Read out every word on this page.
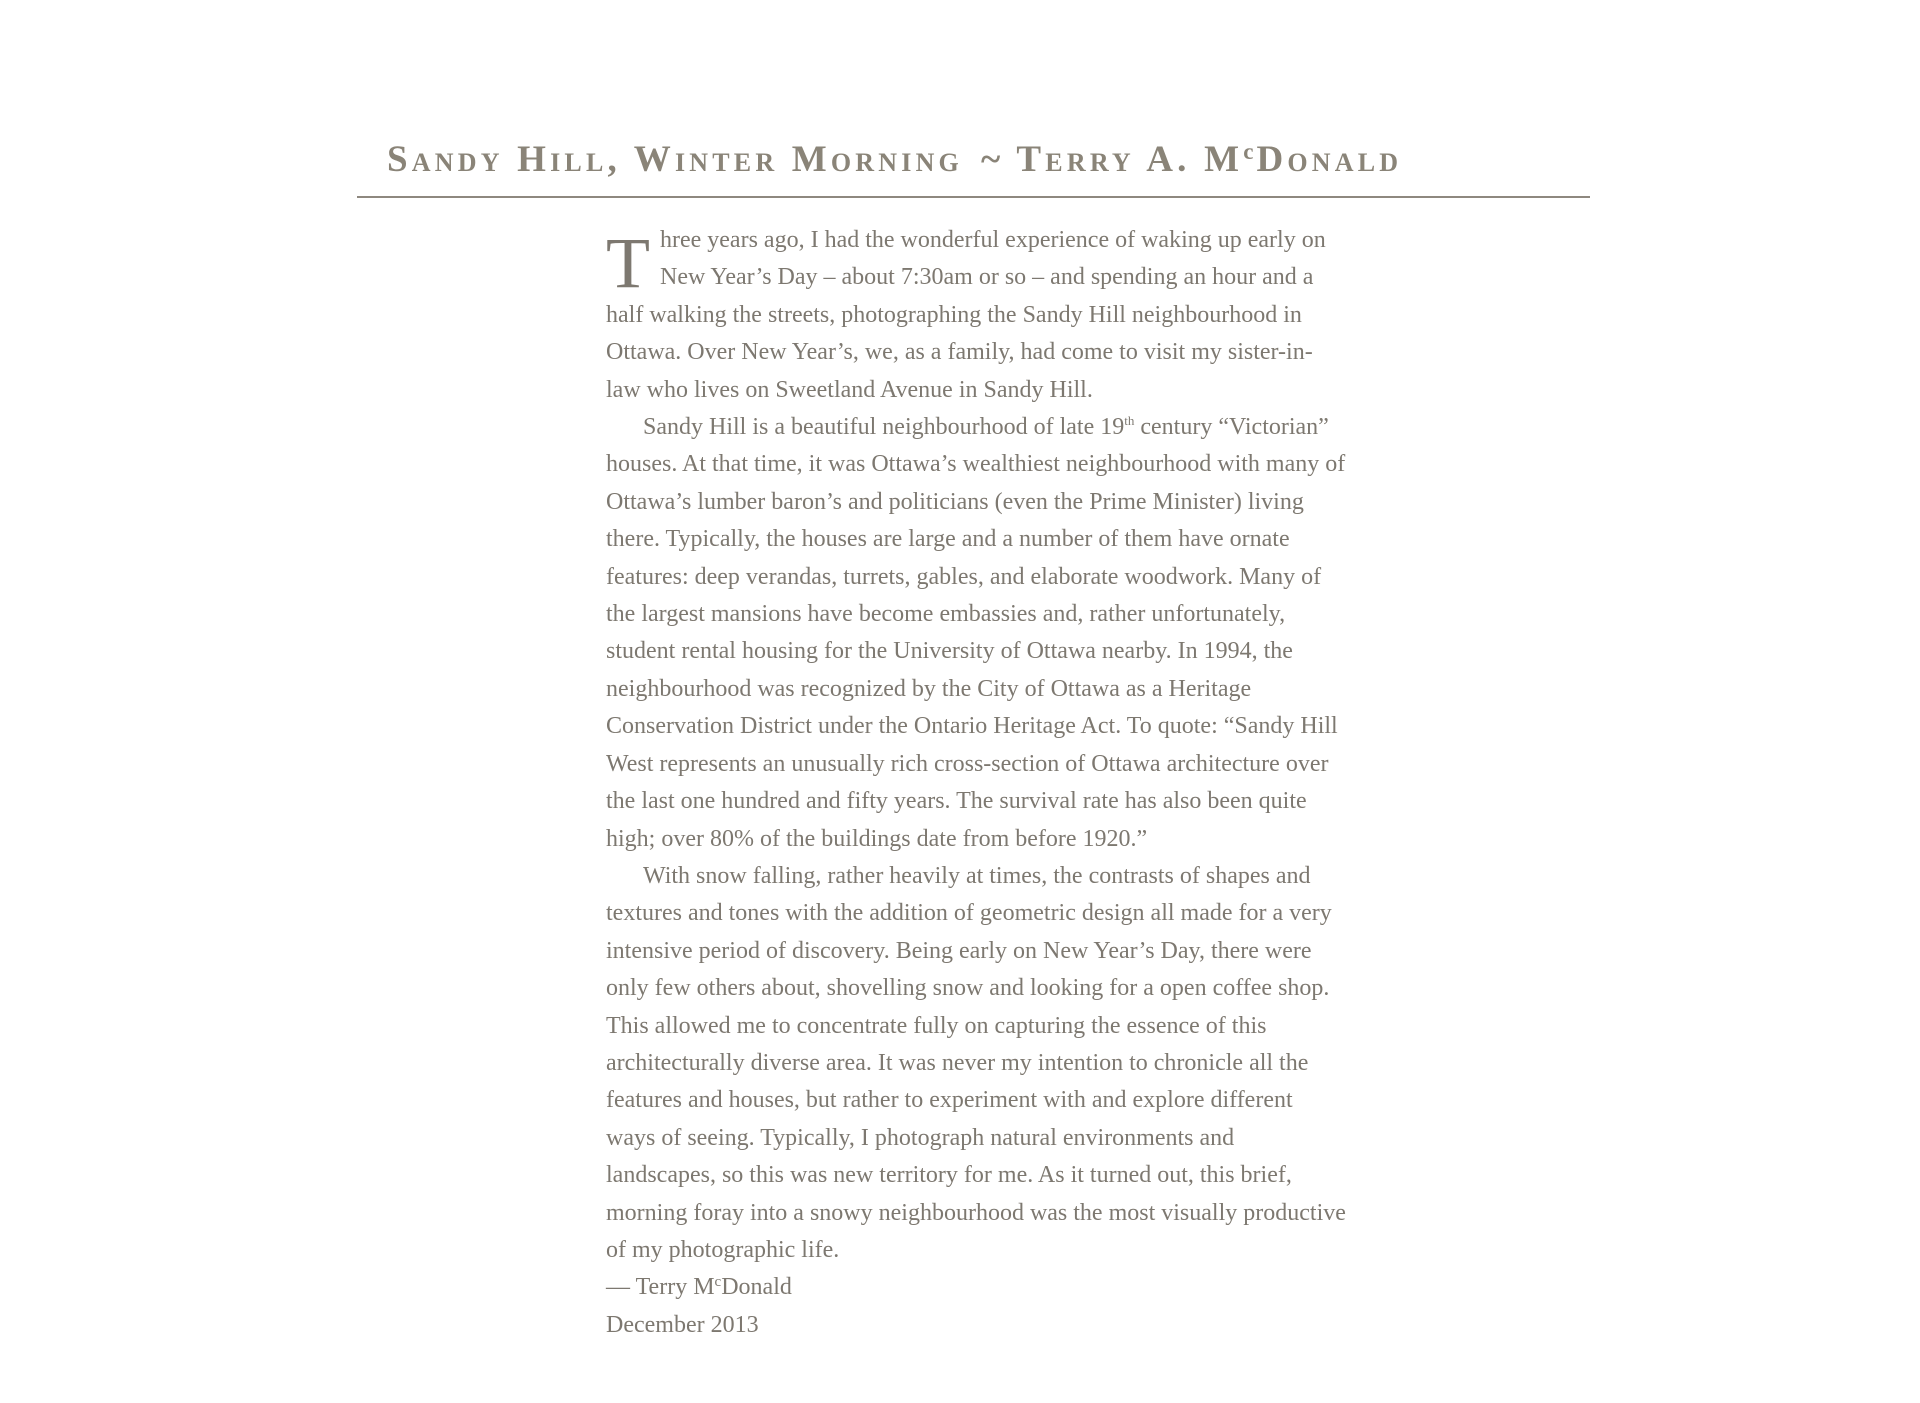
Sandy Hill, Winter Morning ~ Terry A. $M^cDonald$

Three years ago, I had the wonderful experience of waking up early on New Year’s Day – about 7:30am or so – and spending an hour and a half walking the streets, photographing the Sandy Hill neighbourhood in Ottawa. Over New Year’s, we, as a family, had come to visit my sister-in-law who lives on Sweetland Avenue in Sandy Hill.

Sandy Hill is a beautiful neighbourhood of late 19th century “Victorian” houses. At that time, it was Ottawa’s wealthiest neighbourhood with many of Ottawa’s lumber baron’s and politicians (even the Prime Minister) living there. Typically, the houses are large and a number of them have ornate features: deep verandas, turrets, gables, and elaborate woodwork. Many of the largest mansions have become embassies and, rather unfortunately, student rental housing for the University of Ottawa nearby. In 1994, the neighbourhood was recognized by the City of Ottawa as a Heritage Conservation District under the Ontario Heritage Act. To quote: “Sandy Hill West represents an unusually rich cross-section of Ottawa architecture over the last one hundred and fifty years. The survival rate has also been quite high; over 80% of the buildings date from before 1920.”

With snow falling, rather heavily at times, the contrasts of shapes and textures and tones with the addition of geometric design all made for a very intensive period of discovery. Being early on New Year’s Day, there were only few others about, shovelling snow and looking for a open coffee shop. This allowed me to concentrate fully on capturing the essence of this architecturally diverse area. It was never my intention to chronicle all the features and houses, but rather to experiment with and explore different ways of seeing. Typically, I photograph natural environments and landscapes, so this was new territory for me. As it turned out, this brief, morning foray into a snowy neighbourhood was the most visually productive of my photographic life.

— Terry $M^cDonald$

December 2013
